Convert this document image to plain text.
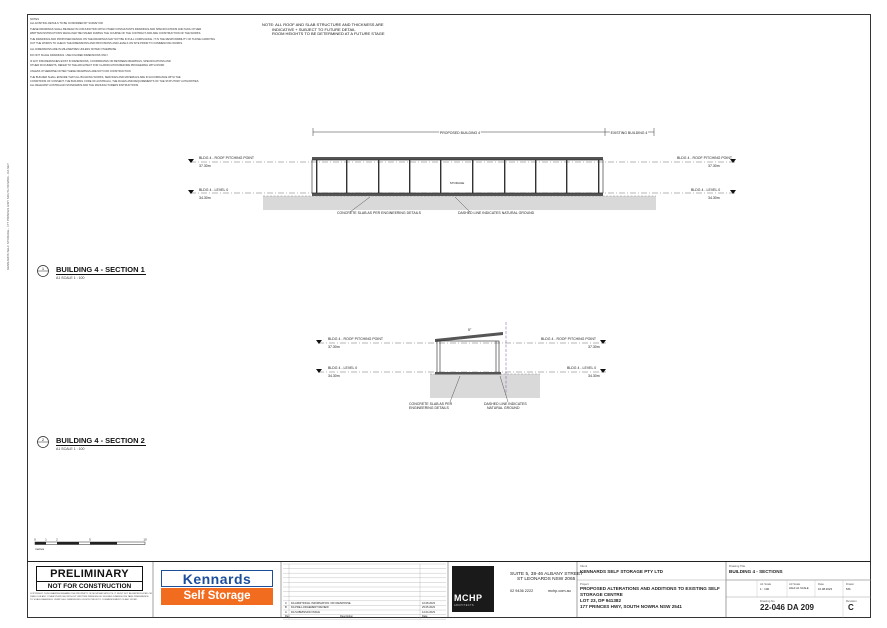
KENNARDS SELF STORAGE - 177 PRINCES HWY SOUTH NOWRA - DA SET
NOTES
ALL EXISTING DETAILS TO BE CONFIRMED BY SURVEYOR
THESE DRAWINGS SHALL BE READ IN CONJUNCTION WITH OTHER CONSULTANTS DRAWINGS AND SPECIFICATIONS AND SUCH OTHER
WRITTEN INSTRUCTIONS WHICH MAY BE ISSUED DURING THE COURSE OF THE CONTRACT AND ARE CONSTRUCTION OF THE WORKS.
THE DRAWINGS AND PROPOSED DESIGN ON THE DRAWINGS MAY NOT BE IN FULL COMPLIANCE. IT IS THE RESPONSIBILITY OF THOSE CARRYING
OUT THE WORKS TO CHECK THE DIMENSIONS AND PROVISIONS AND LEVELS ON SITE PRIOR TO COMMENCING WORKS.
ALL DIMENSIONS ARE IN MILLIMETRES UNLESS NOTED OTHERWISE
DO NOT SCALE DRAWINGS. USE FIGURED DIMENSIONS ONLY
IF ANY DISCREPANCIES EXIST IN DIMENSIONS, COORDINATES OR BETWEEN DRAWINGS, SPECIFICATIONS AND
OTHER DOCUMENTS, REFER TO THE ARCHITECT FOR CLARIFICATION BEFORE PROCEEDING WITH WORK
UNLESS OTHERWISE NOTED THESE DRAWINGS ARE NOT FOR CONSTRUCTION
THE BUILDER SHALL ENSURE THAT ALL BUILDING WORKS, SERVICES AND MATERIALS ARE IN ACCORDANCE WITH THE
CONDITIONS OF CONSENT, THE BUILDING CODE OF AUSTRALIA, THE RULES AND REQUIREMENTS OF THE STATUTORY AUTHORITIES
ALL RELEVANT AUSTRALIAN STANDARDS AND THE MANUFACTURERS INSTRUCTIONS
NOTE: ALL ROOF AND SLAB STRUCTURE AND THICKNESS ARE
INDICATIVE + SUBJECT TO FUTURE DETAIL
ROOM HEIGHTS TO BE DETERMINED AT A FUTURE STAGE
PROPOSED BUILDING 4	EXISTING BUILDING 4
STORAGE
BLDG 4 - ROOF PITCHING POINT
37.30m
BLDG 4 - ROOF PITCHING POINT
37.30m
BLDG 4 - LEVEL 0
34.30m
BLDG 4 - LEVEL 0
34.30m
CONCRETE SLAB AS PER ENGINEERING DETAILS	DASHED LINE INDICATES NATURAL GROUND
1 BUILDING 4 - SECTION 1
A1 SCALE 1 : 100
5°
BLDG 4 - ROOF PITCHING POINT
37.30m
BLDG 4 - ROOF PITCHING POINT
37.30m
BLDG 4 - LEVEL 0
34.30m
BLDG 4 - LEVEL 0
34.30m
CONCRETE SLAB AS PER
ENGINEERING DETAILS
DASHED LINE INDICATES
NATURAL GROUND
2 BUILDING 4 - SECTION 2
A1 SCALE 1 : 100
0	1	2	5	10
metres
PRELIMINARY
NOT FOR CONSTRUCTION
COPYRIGHT: THIS DRAWING REMAINS THE PROPERTY OF MCHP ARCHITECTS. IT MUST NOT BE REPRODUCED OR USED FOR ANY OTHER PURPOSE WITHOUT WRITTEN PERMISSION. FIGURED DIMENSIONS TAKE PREFERENCE TO SCALE READINGS. VERIFY ALL DIMENSIONS ON SITE PRIOR TO COMMENCEMENT OF ANY WORK.
Kennards
Self Storage
C DA ADDITIONAL INFORMATION / RFI RESPONSE	10.08.2023
B DA PRE-LODGEMENT REVIEW	25.05.2023
A DA SUBMISSION ISSUE	12.04.2023
Rev	Description	Date
MCHP
ARCHITECTS
SUITE 5, 38-46 ALBANY STREET
ST LEONARDS NSW 2065
02 9436 2222	mchp.com.au
Client
KENNARDS SELF STORAGE PTY LTD
Project
PROPOSED ALTERATIONS AND ADDITIONS TO EXISTING SELF
STORAGE CENTRE
LOT 23, DP 941382
177 PRINCES HWY, SOUTH NOWRA NSW 2541
Drawing Title
BUILDING 4 - SECTIONS
A1 Scale
1 : 100
A3 Scale
HALF A1 SCALE
Date
10.08.2023
Drawn
MS
Drawing No
22-046 DA 209
Revision
C
